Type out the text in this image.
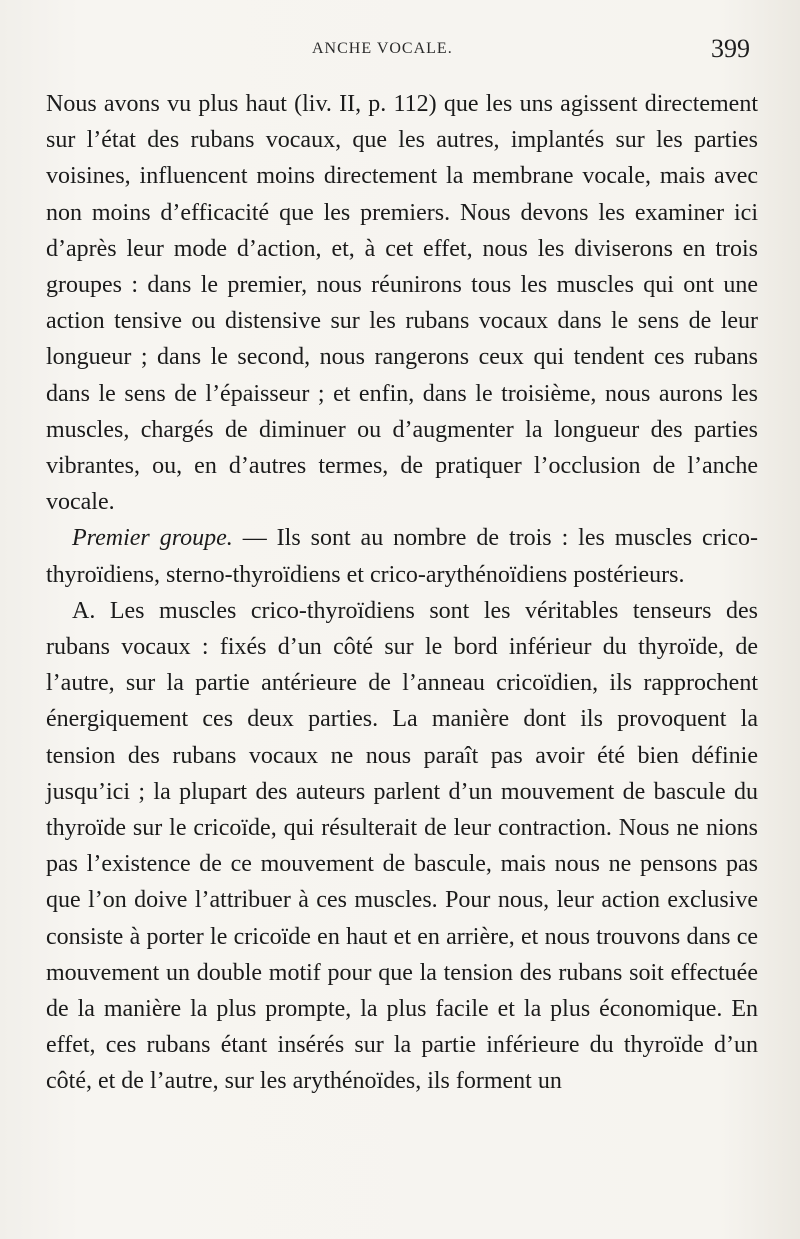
ANCHE VOCALE.	399

Nous avons vu plus haut (liv. II, p. 112) que les uns agissent directement sur l’état des rubans vocaux, que les autres, implantés sur les parties voisines, influencent moins directement la membrane vocale, mais avec non moins d’efficacité que les premiers. Nous devons les examiner ici d’après leur mode d’action, et, à cet effet, nous les diviserons en trois groupes : dans le premier, nous réunirons tous les muscles qui ont une action tensive ou distensive sur les rubans vocaux dans le sens de leur longueur ; dans le second, nous rangerons ceux qui tendent ces rubans dans le sens de l’épaisseur ; et enfin, dans le troisième, nous aurons les muscles, chargés de diminuer ou d’augmenter la longueur des parties vibrantes, ou, en d’autres termes, de pratiquer l’occlusion de l’anche vocale.

Premier groupe. — Ils sont au nombre de trois : les muscles crico-thyroïdiens, sterno-thyroïdiens et crico-arythénoïdiens postérieurs.

A. Les muscles crico-thyroïdiens sont les véritables tenseurs des rubans vocaux : fixés d’un côté sur le bord inférieur du thyroïde, de l’autre, sur la partie antérieure de l’anneau cricoïdien, ils rapprochent énergiquement ces deux parties. La manière dont ils provoquent la tension des rubans vocaux ne nous paraît pas avoir été bien définie jusqu’ici ; la plupart des auteurs parlent d’un mouvement de bascule du thyroïde sur le cricoïde, qui résulterait de leur contraction. Nous ne nions pas l’existence de ce mouvement de bascule, mais nous ne pensons pas que l’on doive l’attribuer à ces muscles. Pour nous, leur action exclusive consiste à porter le cricoïde en haut et en arrière, et nous trouvons dans ce mouvement un double motif pour que la tension des rubans soit effectuée de la manière la plus prompte, la plus facile et la plus économique. En effet, ces rubans étant insérés sur la partie inférieure du thyroïde d’un côté, et de l’autre, sur les arythénoïdes, ils forment un
